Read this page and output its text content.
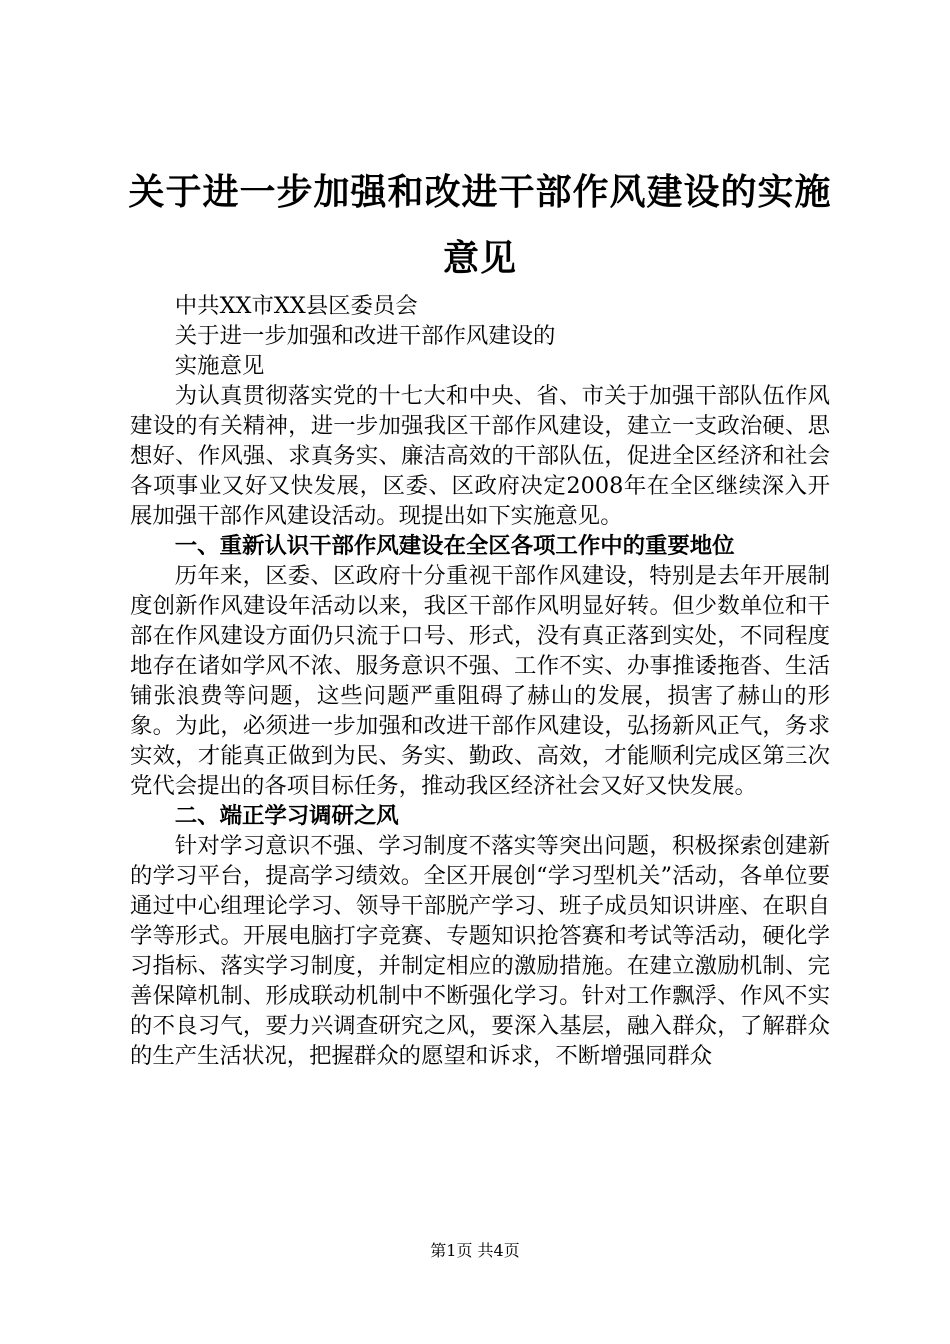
关于进一步加强和改进干部作风建设的实施意见

中共XX市XX县区委员会

关于进一步加强和改进干部作风建设的

实施意见

为认真贯彻落实党的十七大和中央、省、市关于加强干部队伍作风建设的有关精神，进一步加强我区干部作风建设，建立一支政治硬、思想好、作风强、求真务实、廉洁高效的干部队伍，促进全区经济和社会各项事业又好又快发展，区委、区政府决定2008年在全区继续深入开展加强干部作风建设活动。现提出如下实施意见。

一、重新认识干部作风建设在全区各项工作中的重要地位

历年来，区委、区政府十分重视干部作风建设，特别是去年开展制度创新作风建设年活动以来，我区干部作风明显好转。但少数单位和干部在作风建设方面仍只流于口号、形式，没有真正落到实处，不同程度地存在诸如学风不浓、服务意识不强、工作不实、办事推诿拖沓、生活铺张浪费等问题，这些问题严重阻碍了赫山的发展，损害了赫山的形象。为此，必须进一步加强和改进干部作风建设，弘扬新风正气，务求实效，才能真正做到为民、务实、勤政、高效，才能顺利完成区第三次党代会提出的各项目标任务，推动我区经济社会又好又快发展。

二、端正学习调研之风

针对学习意识不强、学习制度不落实等突出问题，积极探索创建新的学习平台，提高学习绩效。全区开展创“学习型机关”活动，各单位要通过中心组理论学习、领导干部脱产学习、班子成员知识讲座、在职自学等形式。开展电脑打字竞赛、专题知识抢答赛和考试等活动，硬化学习指标、落实学习制度，并制定相应的激励措施。在建立激励机制、完善保障机制、形成联动机制中不断强化学习。针对工作飘浮、作风不实的不良习气，要力兴调查研究之风，要深入基层，融入群众，了解群众的生产生活状况，把握群众的愿望和诉求，不断增强同群众

第1页 共4页
